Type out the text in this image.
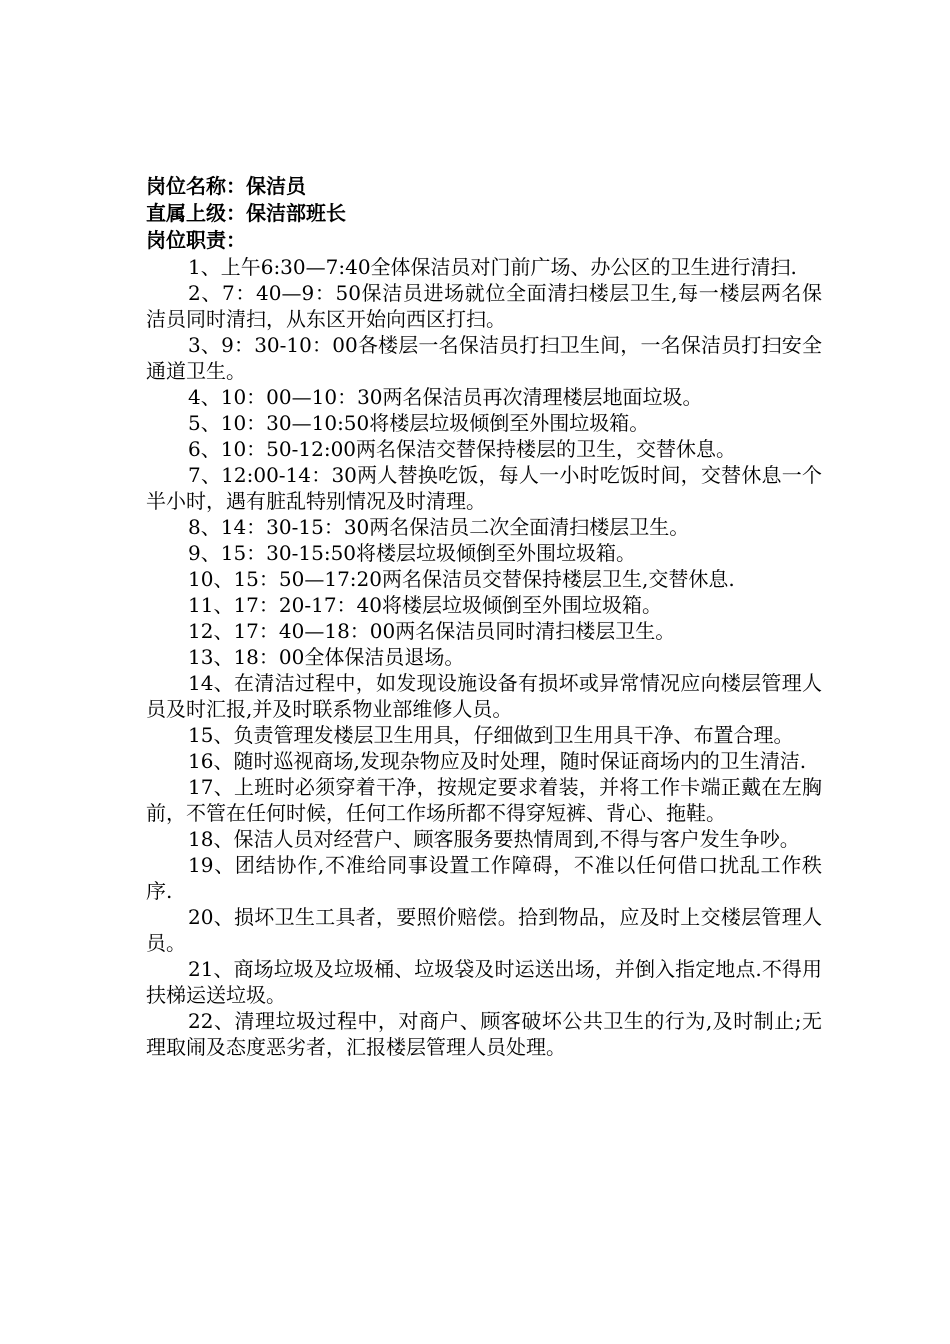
岗位名称：保洁员

直属上级：保洁部班长

岗位职责：

1、上午6:30—7:40全体保洁员对门前广场、办公区的卫生进行清扫.

2、7：40—9：50保洁员进场就位全面清扫楼层卫生,每一楼层两名保洁员同时清扫，从东区开始向西区打扫。

3、9：30-10：00各楼层一名保洁员打扫卫生间，一名保洁员打扫安全通道卫生。

4、10：00—10：30两名保洁员再次清理楼层地面垃圾。

5、10：30—10:50将楼层垃圾倾倒至外围垃圾箱。

6、10：50-12:00两名保洁交替保持楼层的卫生，交替休息。

7、12:00-14：30两人替换吃饭，每人一小时吃饭时间，交替休息一个半小时，遇有脏乱特别情况及时清理。

8、14：30-15：30两名保洁员二次全面清扫楼层卫生。

9、15：30-15:50将楼层垃圾倾倒至外围垃圾箱。

10、15：50—17:20两名保洁员交替保持楼层卫生,交替休息.

11、17：20-17：40将楼层垃圾倾倒至外围垃圾箱。

12、17：40—18：00两名保洁员同时清扫楼层卫生。

13、18：00全体保洁员退场。

14、在清洁过程中，如发现设施设备有损坏或异常情况应向楼层管理人员及时汇报,并及时联系物业部维修人员。

15、负责管理发楼层卫生用具，仔细做到卫生用具干净、布置合理。

16、随时巡视商场,发现杂物应及时处理，随时保证商场内的卫生清洁.

17、上班时必须穿着干净，按规定要求着装，并将工作卡端正戴在左胸前，不管在任何时候，任何工作场所都不得穿短裤、背心、拖鞋。

18、保洁人员对经营户、顾客服务要热情周到,不得与客户发生争吵。

19、团结协作,不准给同事设置工作障碍，不准以任何借口扰乱工作秩序.

20、损坏卫生工具者，要照价赔偿。拾到物品，应及时上交楼层管理人员。

21、商场垃圾及垃圾桶、垃圾袋及时运送出场，并倒入指定地点.不得用扶梯运送垃圾。

22、清理垃圾过程中，对商户、顾客破坏公共卫生的行为,及时制止;无理取闹及态度恶劣者，汇报楼层管理人员处理。
